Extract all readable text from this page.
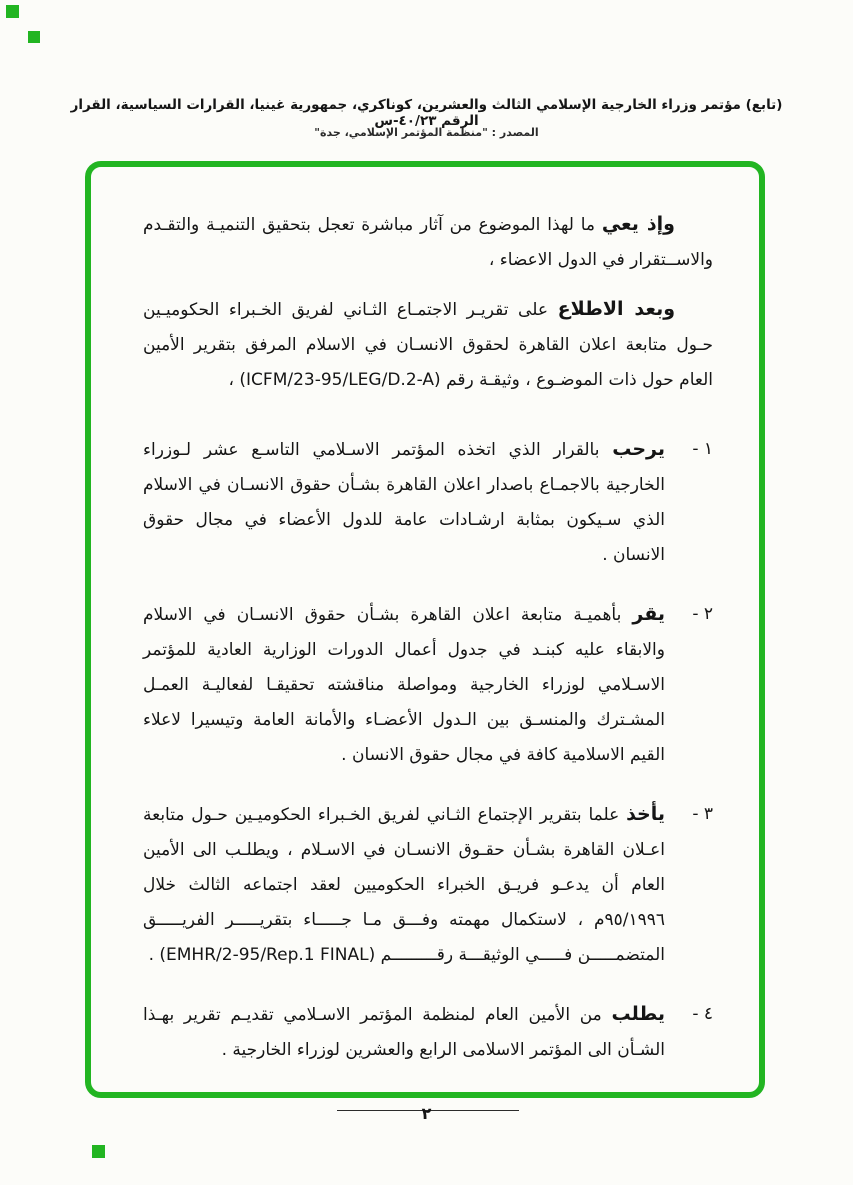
(تابع) مؤتمر وزراء الخارجية الإسلامي الثالث والعشرين، كوناكري، جمهورية غينيا، القرارات السياسية، القرار الرقم ٤٠/٢٣-س
المصدر : "منظمة المؤتمر الإسلامي، جدة"

وإذ يعي ما لهذا الموضوع من آثار مباشرة تعجل بتحقيق التنميـة والتقـدم والاســتقرار في الدول الاعضاء ،

وبعد الاطلاع على تقريـر الاجتمـاع الثـاني لفريق الخـبراء الحكوميـين حـول متابعة اعلان القاهرة لحقوق الانسـان في الاسلام المرفق بتقرير الأمين العام حول ذات الموضـوع ، وثيقـة رقم (ICFM/23-95/LEG/D.2-A) ،

١ -
يرحب بالقرار الذي اتخذه المؤتمر الاسـلامي التاسـع عشر لـوزراء الخارجية بالاجمـاع باصدار اعلان القاهرة بشـأن حقوق الانسـان في الاسلام الذي سـيكون بمثابة ارشـادات عامة للدول الأعضاء في مجال حقوق الانسان .
٢ -
يقر بأهميـة متابعة اعلان القاهرة بشـأن حقوق الانسـان في الاسلام والابقاء عليه كبنـد في جدول أعمال الدورات الوزارية العادية للمؤتمر الاسـلامي لوزراء الخارجية ومواصلة مناقشته تحقيقـا لفعاليـة العمـل المشـترك والمنسـق بين الـدول الأعضـاء والأمانة العامة وتيسيرا لاعلاء القيم الاسلامية كافة في مجال حقوق الانسان .
٣ -
يأخذ علما بتقرير الإجتماع الثـاني لفريق الخـبراء الحكوميـين حـول متابعة اعـلان القاهرة بشـأن حقـوق الانسـان في الاسـلام ، ويطلـب الى الأمين العام أن يدعـو فريـق الخبراء الحكوميين لعقد اجتماعه الثالث خلال ٩٥/١٩٩٦م ، لاستكمال مهمته وفـــق مـا جـــــاء بتقريـــــر الفريـــــق المتضمـــــن فـــــي الوثيقـــة رقـــــــــم (EMHR/2-95/Rep.1 FINAL) .
٤ -
يطلب من الأمين العام لمنظمة المؤتمر الاسـلامي تقديـم تقرير بهـذا الشـأن الى المؤتمر الاسلامى الرابع والعشرين لوزراء الخارجية .
٢
